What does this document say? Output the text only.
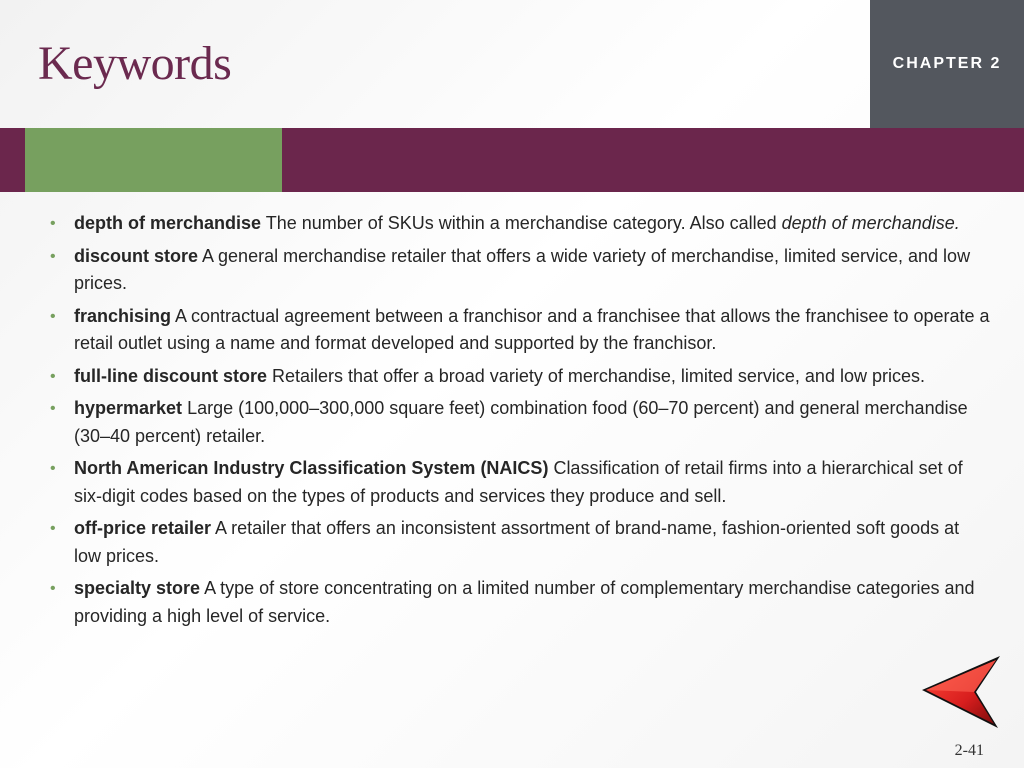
Keywords	CHAPTER 2
• depth of merchandise The number of SKUs within a merchandise category. Also called depth of merchandise.
• discount store A general merchandise retailer that offers a wide variety of merchandise, limited service, and low prices.
• franchising A contractual agreement between a franchisor and a franchisee that allows the franchisee to operate a retail outlet using a name and format developed and supported by the franchisor.
• full-line discount store Retailers that offer a broad variety of merchandise, limited service, and low prices.
• hypermarket Large (100,000–300,000 square feet) combination food (60–70 percent) and general merchandise (30–40 percent) retailer.
• North American Industry Classification System (NAICS) Classification of retail firms into a hierarchical set of six-digit codes based on the types of products and services they produce and sell.
• off-price retailer A retailer that offers an inconsistent assortment of brand-name, fashion-oriented soft goods at low prices.
• specialty store A type of store concentrating on a limited number of complementary merchandise categories and providing a high level of service.
2-41
